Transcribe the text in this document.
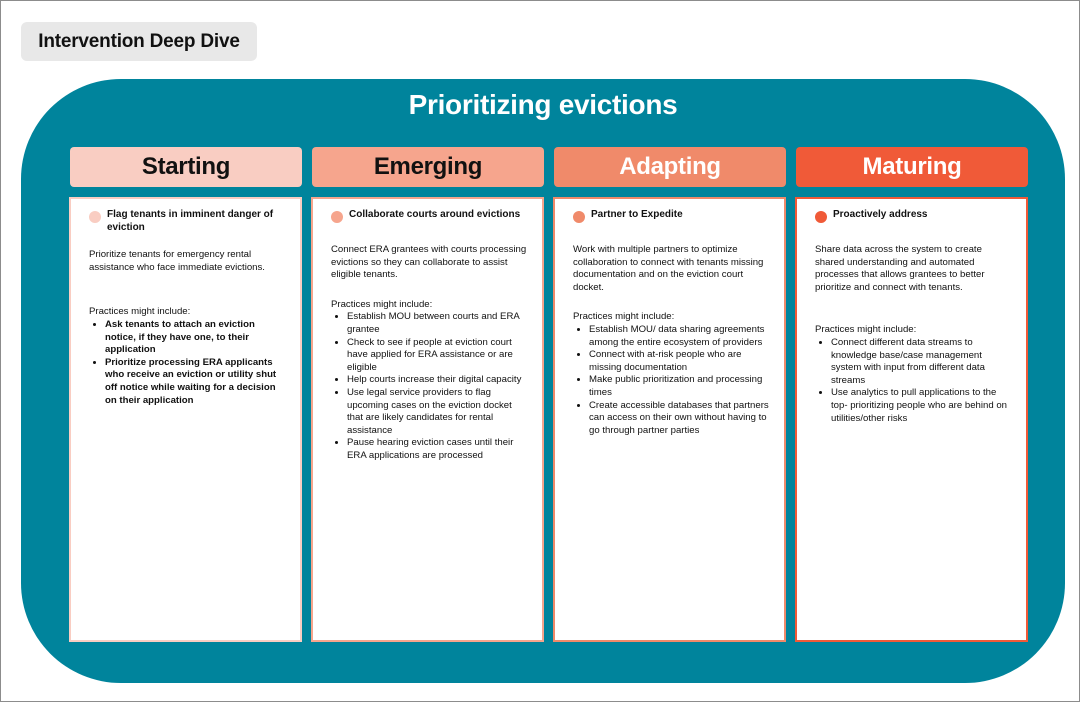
Intervention Deep Dive
Prioritizing evictions
Starting	Emerging	Adapting	Maturing
Flag tenants in imminent danger of eviction

Prioritize tenants for emergency rental assistance who face immediate evictions.

Practices might include:

• Ask tenants to attach an eviction notice, if they have one, to their application
• Prioritize processing ERA applicants who receive an eviction or utility shut off notice while waiting for a decision on their application
Collaborate courts around evictions

Connect ERA grantees with courts processing evictions so they can collaborate to assist eligible tenants.

Practices might include:

• Establish MOU between courts and ERA grantee
• Check to see if people at eviction court have applied for ERA assistance or are eligible
• Help courts increase their digital capacity
• Use legal service providers to flag upcoming cases on the eviction docket that are likely candidates for rental assistance
• Pause hearing eviction cases until their ERA applications are processed
Partner to Expedite

Work with multiple partners to optimize collaboration to connect with tenants missing documentation and on the eviction court docket.

Practices might include:

• Establish MOU/ data sharing agreements among the entire ecosystem of providers
• Connect with at-risk people who are missing documentation
• Make public prioritization and processing times
• Create accessible databases that partners can access on their own without having to go through partner parties
Proactively address

Share data across the system to create shared understanding and automated processes that allows grantees to better prioritize and connect with tenants.

Practices might include:

• Connect different data streams to knowledge base/case management system with input from different data streams
• Use analytics to pull applications to the top- prioritizing people who are behind on utilities/other risks
